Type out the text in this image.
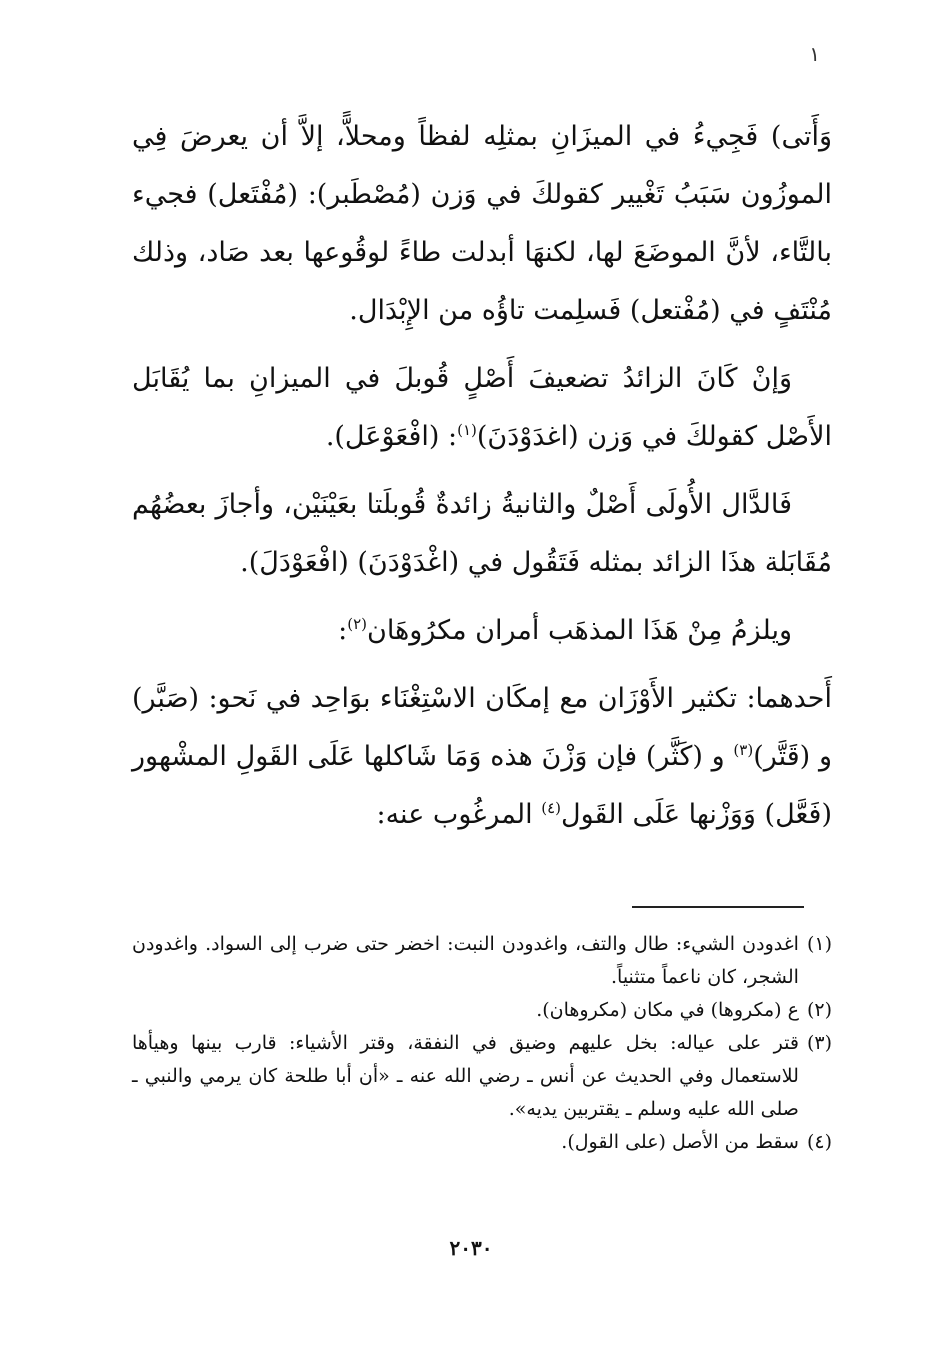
١

وَأَتى) فَجِيءُ في الميزَانِ بمثلِه لفظاً ومحلاًّ، إلاَّ أن يعرضَ فِي الموزُون سَبَبُ تَغْيير كقولكَ في وَزن (مُصْطَبر): (مُفْتَعل) فجيء بالتَّاء، لأنَّ الموضَعَ لها، لكنهَا أبدلت طاءً لوقُوعها بعد صَاد، وذلك مُنْتَفٍ في (مُفْتعل) فَسلِمت تاؤُه من الإِبْدَال.

وَإنْ كَانَ الزائدُ تضعيفَ أَصْلٍ قُوبلَ في الميزانِ بما يُقَابَل الأَصْل كقولكَ في وَزن (اغدَوْدَنَ)$^{(١)}$: (افْعَوْعَل).

فَالدَّال الأُولَى أَصْلٌ والثانيةُ زائدةٌ قُوبلَتا بعَيْنَيْن، وأجازَ بعضُهُم مُقَابَلة هذَا الزائد بمثله فَتَقُول في (اغْدَوْدَنَ) (افْعَوْدَلَ).

ويلزمُ مِنْ هَذَا المذهَب أمران مكرُوهَان$^{(٢)}$:

أَحدهما: تكثير الأَوْزَان مع إمكَان الاسْتِغْنَاء بوَاحِد في نَحو: (صَبَّر) و (قَتَّر)$^{(٣)}$ و (كَثَّر) فإن وَزْنَ هذه وَمَا شَاكلها عَلَى القَولِ المشْهور (فَعَّل) وَوَزْنها عَلَى القَول$^{(٤)}$ المرغُوب عنه:

(١)
اغدودن الشيء: طال والتف، واغدودن النبت: اخضر حتى ضرب إلى السواد. واغدودن الشجر، كان ناعماً متثنياً.
(٢)
ع (مكروها) في مكان (مكروهان).
(٣)
قتر على عياله: بخل عليهم وضيق في النفقة، وقتر الأشياء: قارب بينها وهيأها للاستعمال وفي الحديث عن أنس ـ رضي الله عنه ـ «أن أبا طلحة كان يرمي والنبي ـ صلى الله عليه وسلم ـ يقتربين يديه».
(٤)
سقط من الأصل (على القول).
٢٠٣٠
